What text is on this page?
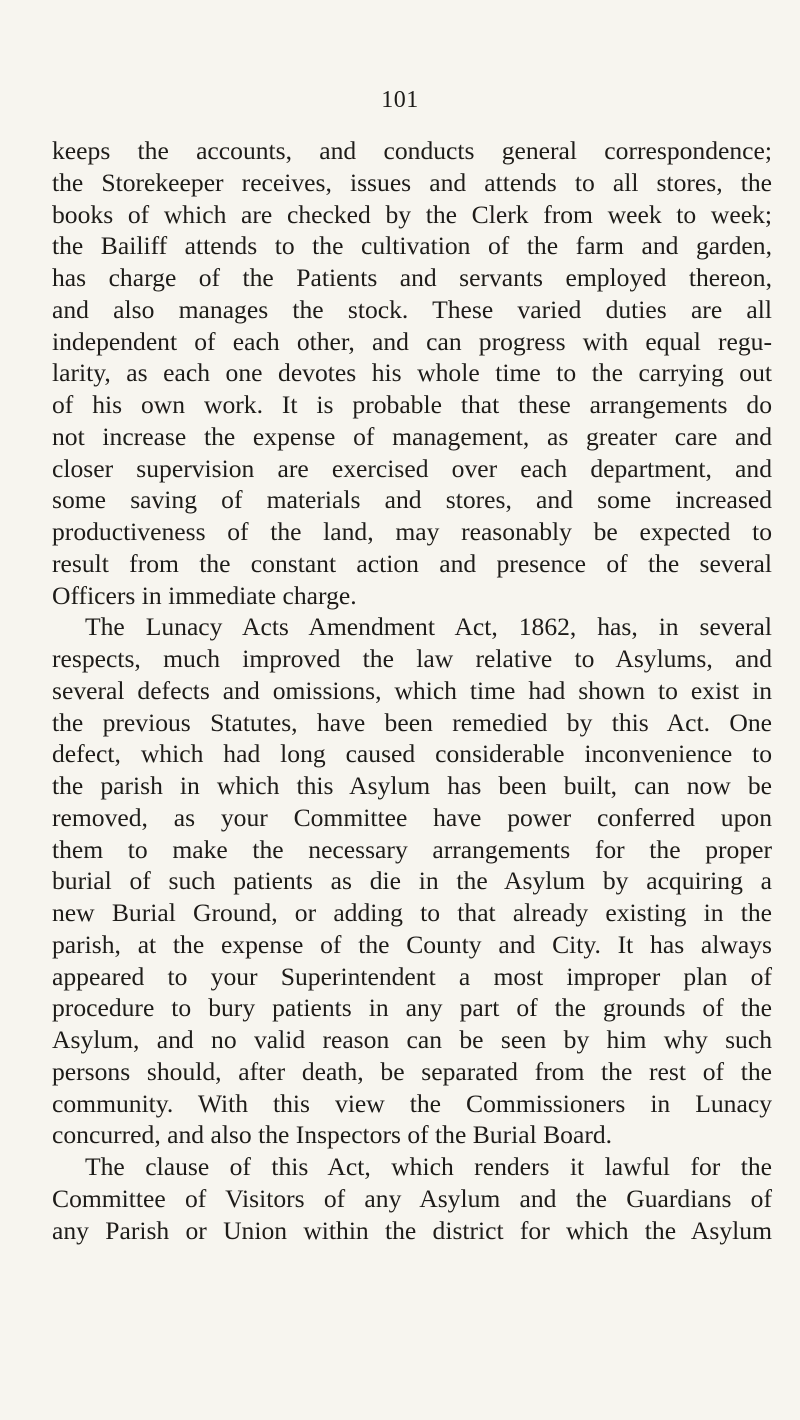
101
keeps the accounts, and conducts general correspondence;
the Storekeeper receives, issues and attends to all stores, the
books of which are checked by the Clerk from week to week;
the Bailiff attends to the cultivation of the farm and garden,
has charge of the Patients and servants employed thereon,
and also manages the stock. These varied duties are all
independent of each other, and can progress with equal regu-
larity, as each one devotes his whole time to the carrying out
of his own work. It is probable that these arrangements do
not increase the expense of management, as greater care and
closer supervision are exercised over each department, and
some saving of materials and stores, and some increased
productiveness of the land, may reasonably be expected to
result from the constant action and presence of the several
Officers in immediate charge.
The Lunacy Acts Amendment Act, 1862, has, in several
respects, much improved the law relative to Asylums, and
several defects and omissions, which time had shown to exist in
the previous Statutes, have been remedied by this Act. One
defect, which had long caused considerable inconvenience to
the parish in which this Asylum has been built, can now be
removed, as your Committee have power conferred upon
them to make the necessary arrangements for the proper
burial of such patients as die in the Asylum by acquiring a
new Burial Ground, or adding to that already existing in the
parish, at the expense of the County and City. It has always
appeared to your Superintendent a most improper plan of
procedure to bury patients in any part of the grounds of the
Asylum, and no valid reason can be seen by him why such
persons should, after death, be separated from the rest of the
community. With this view the Commissioners in Lunacy
concurred, and also the Inspectors of the Burial Board.
The clause of this Act, which renders it lawful for the
Committee of Visitors of any Asylum and the Guardians of
any Parish or Union within the district for which the Asylum
